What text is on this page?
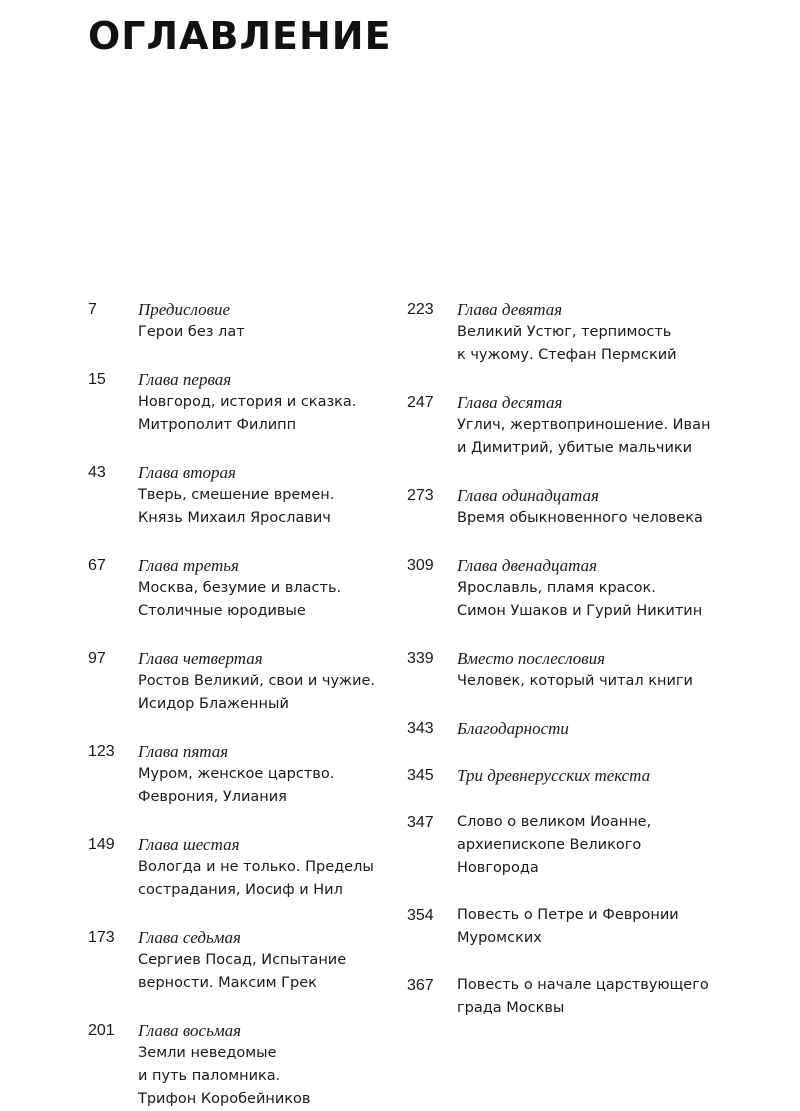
ОГЛАВЛЕНИЕ
7 Предисловие
Герои без лат
15 Глава первая
Новгород, история и сказка.
Митрополит Филипп
43 Глава вторая
Тверь, смешение времен.
Князь Михаил Ярославич
67 Глава третья
Москва, безумие и власть.
Столичные юродивые
97 Глава четвертая
Ростов Великий, свои и чужие.
Исидор Блаженный
123 Глава пятая
Муром, женское царство.
Феврония, Улиания
149 Глава шестая
Вологда и не только. Пределы
сострадания, Иосиф и Нил
173 Глава седьмая
Сергиев Посад, Испытание
верности. Максим Грек
201 Глава восьмая
Земли неведомые
и путь паломника.
Трифон Коробейников
223 Глава девятая
Великий Устюг, терпимость
к чужому. Стефан Пермский
247 Глава десятая
Углич, жертвоприношение. Иван
и Димитрий, убитые мальчики
273 Глава одинадцатая
Время обыкновенного человека
309 Глава двенадцатая
Ярославль, пламя красок.
Симон Ушаков и Гурий Никитин
339 Вместо послесловия
Человек, который читал книги
343 Благодарности
345 Три древнерусских текста
347 Слово о великом Иоанне,
архиепископе Великого
Новгорода
354 Повесть о Петре и Февронии
Муромских
367 Повесть о начале царствующего
града Москвы
